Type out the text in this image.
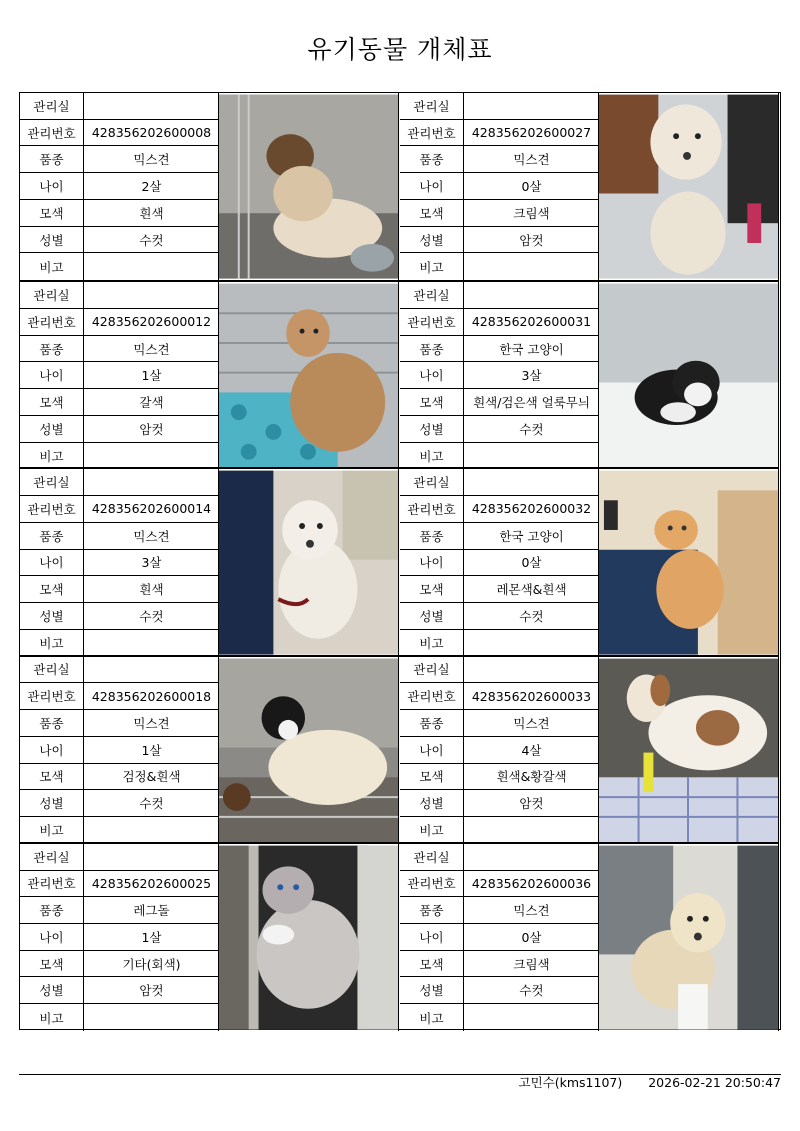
유기동물 개체표
관리실
관리번호	428356202600008
품종	믹스견
나이	2살
모색	흰색
성별	수컷
비고
관리실
관리번호	428356202600027
품종	믹스견
나이	0살
모색	크림색
성별	암컷
비고
관리실
관리번호	428356202600012
품종	믹스견
나이	1살
모색	갈색
성별	암컷
비고
관리실
관리번호	428356202600031
품종	한국 고양이
나이	3살
모색	흰색/검은색 얼룩무늬
성별	수컷
비고
관리실
관리번호	428356202600014
품종	믹스견
나이	3살
모색	흰색
성별	수컷
비고
관리실
관리번호	428356202600032
품종	한국 고양이
나이	0살
모색	레몬색&흰색
성별	수컷
비고
관리실
관리번호	428356202600018
품종	믹스견
나이	1살
모색	검정&흰색
성별	수컷
비고
관리실
관리번호	428356202600033
품종	믹스견
나이	4살
모색	흰색&황갈색
성별	암컷
비고
관리실
관리번호	428356202600025
품종	레그돌
나이	1살
모색	기타(회색)
성별	암컷
비고
관리실
관리번호	428356202600036
품종	믹스견
나이	0살
모색	크림색
성별	수컷
비고
고민수(kms1107) 2026-02-21 20:50:47
